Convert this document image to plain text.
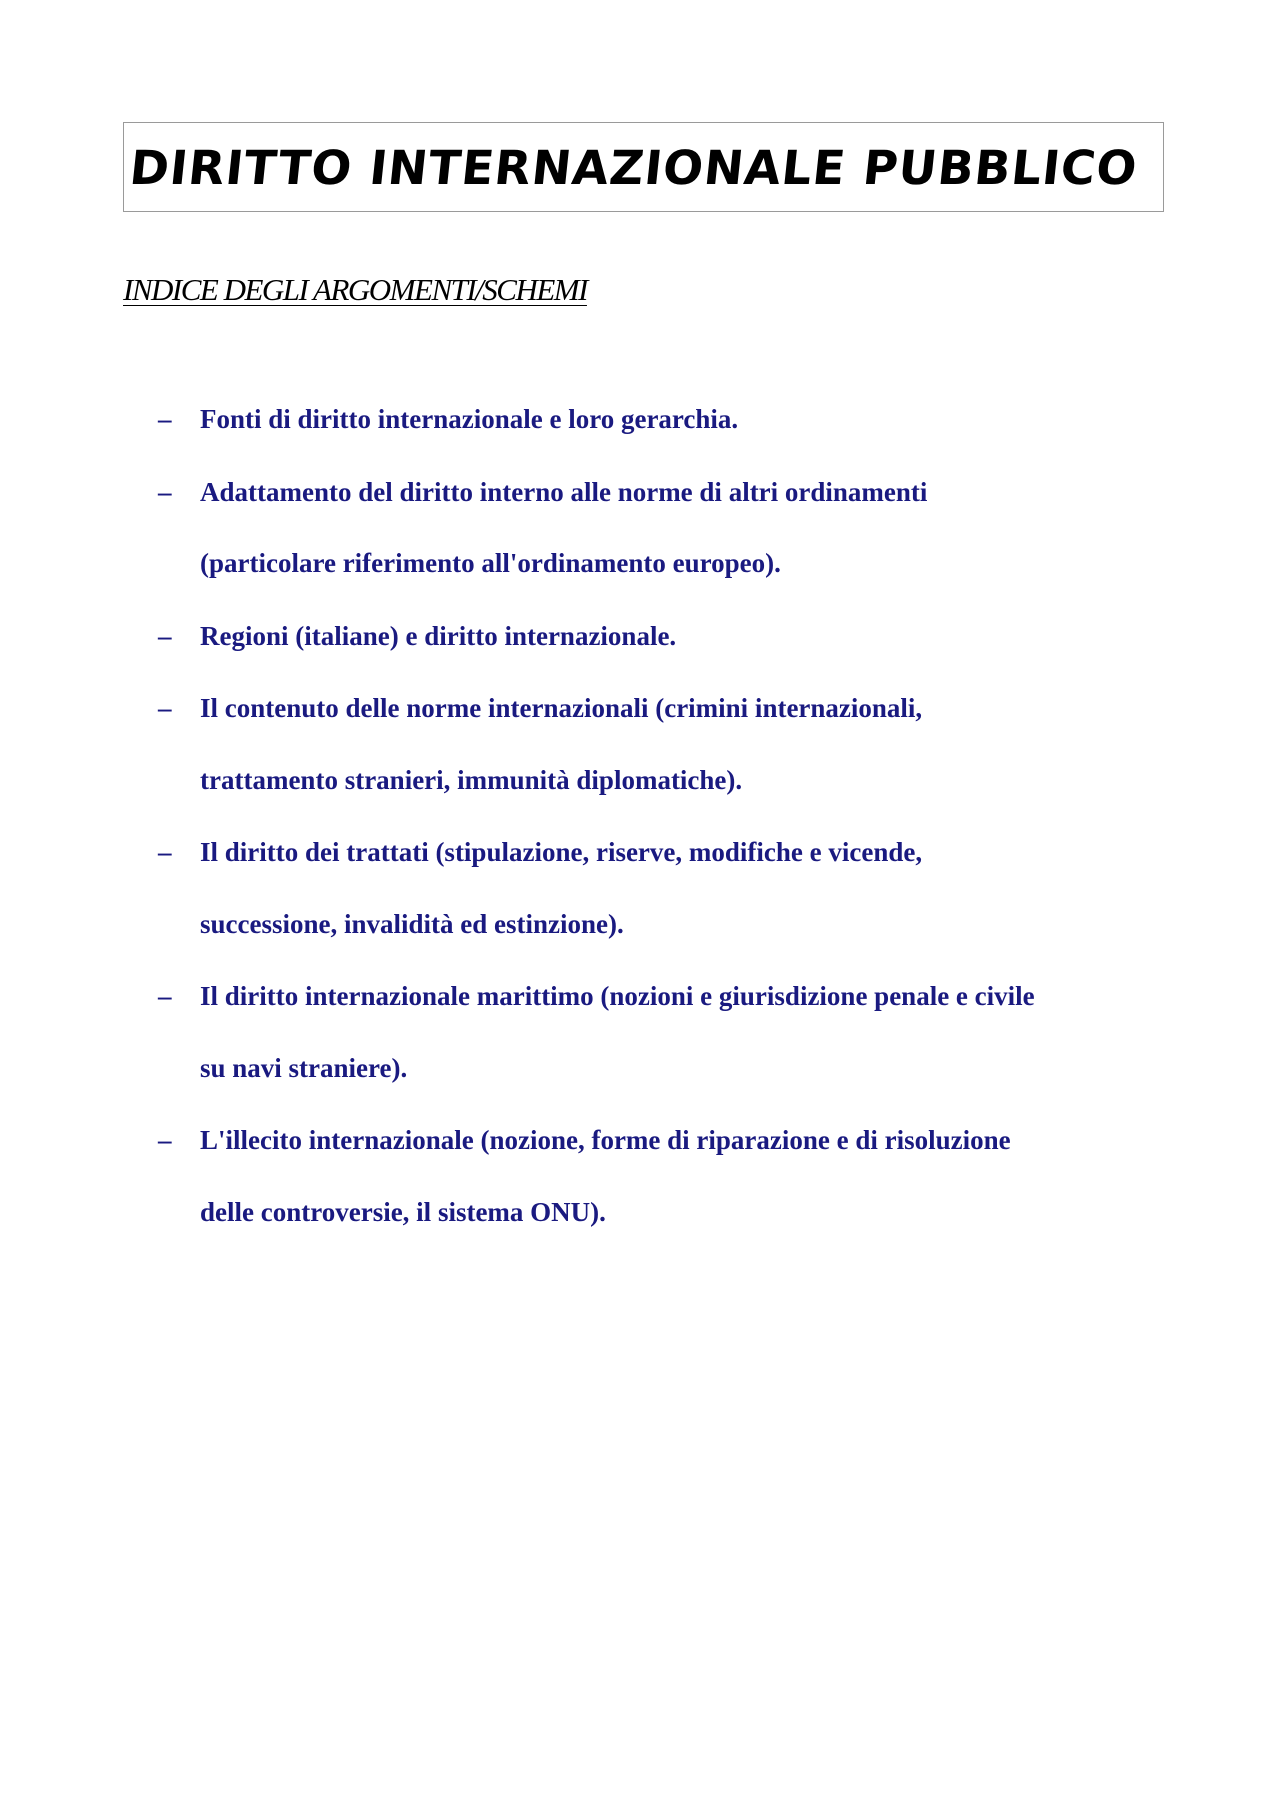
DIRITTO INTERNAZIONALE PUBBLICO
INDICE DEGLI ARGOMENTI/SCHEMI
– Fonti di diritto internazionale e loro gerarchia.
– Adattamento del diritto interno alle norme di altri ordinamenti
(particolare riferimento all'ordinamento europeo).
– Regioni (italiane) e diritto internazionale.
– Il contenuto delle norme internazionali (crimini internazionali,
trattamento stranieri, immunità diplomatiche).
– Il diritto dei trattati (stipulazione, riserve, modifiche e vicende,
successione, invalidità ed estinzione).
– Il diritto internazionale marittimo (nozioni e giurisdizione penale e civile
su navi straniere).
– L'illecito internazionale (nozione, forme di riparazione e di risoluzione
delle controversie, il sistema ONU).
